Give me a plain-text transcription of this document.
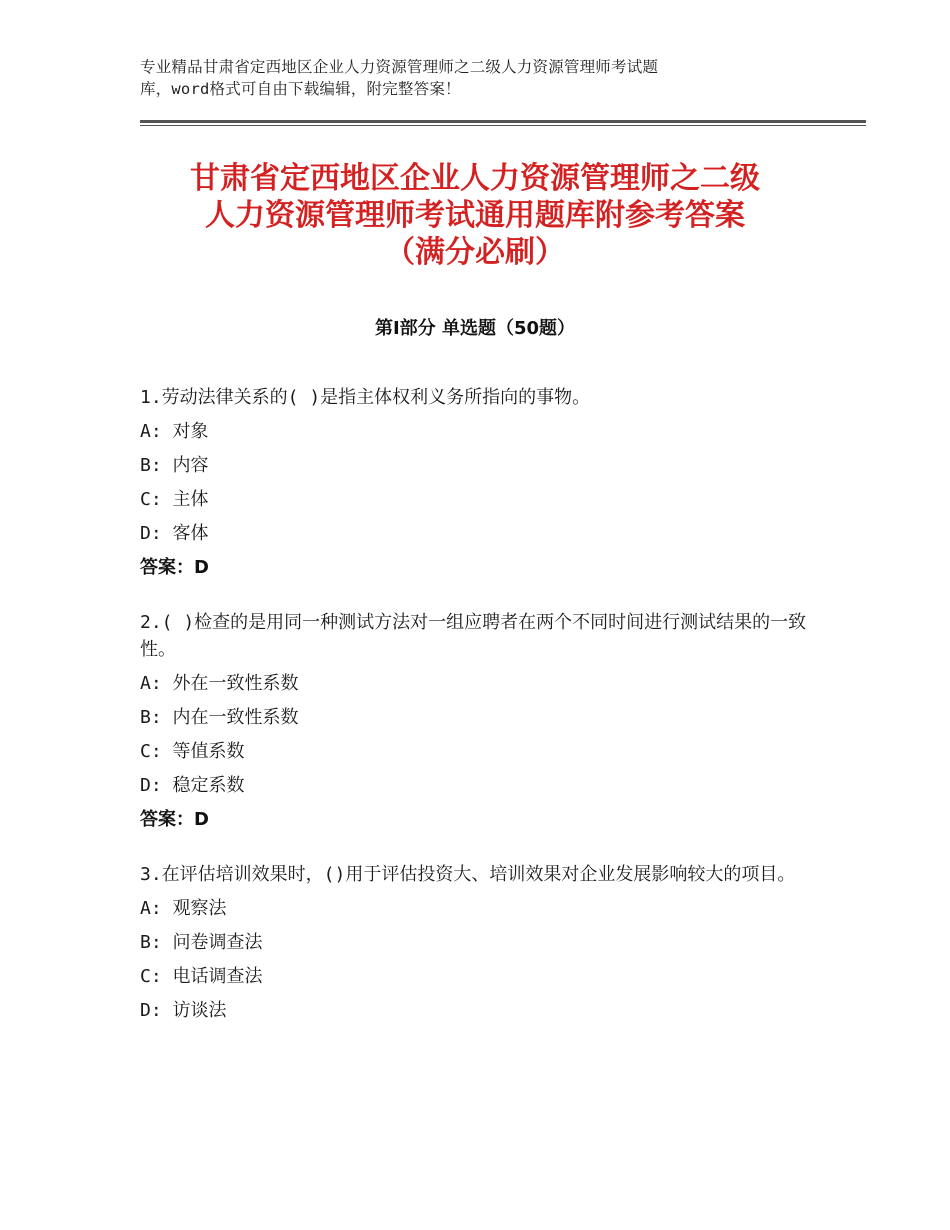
专业精品甘肃省定西地区企业人力资源管理师之二级人力资源管理师考试题
库，word格式可自由下载编辑，附完整答案！
甘肃省定西地区企业人力资源管理师之二级
人力资源管理师考试通用题库附参考答案
（满分必刷）
第Ⅰ部分 单选题（50题）
1.劳动法律关系的( )是指主体权利义务所指向的事物。
A: 对象
B: 内容
C: 主体
D: 客体
答案：D
2.( )检查的是用同一种测试方法对一组应聘者在两个不同时间进行测试结果的一致性。
A: 外在一致性系数
B: 内在一致性系数
C: 等值系数
D: 稳定系数
答案：D
3.在评估培训效果时，()用于评估投资大、培训效果对企业发展影响较大的项目。
A: 观察法
B: 问卷调查法
C: 电话调查法
D: 访谈法
